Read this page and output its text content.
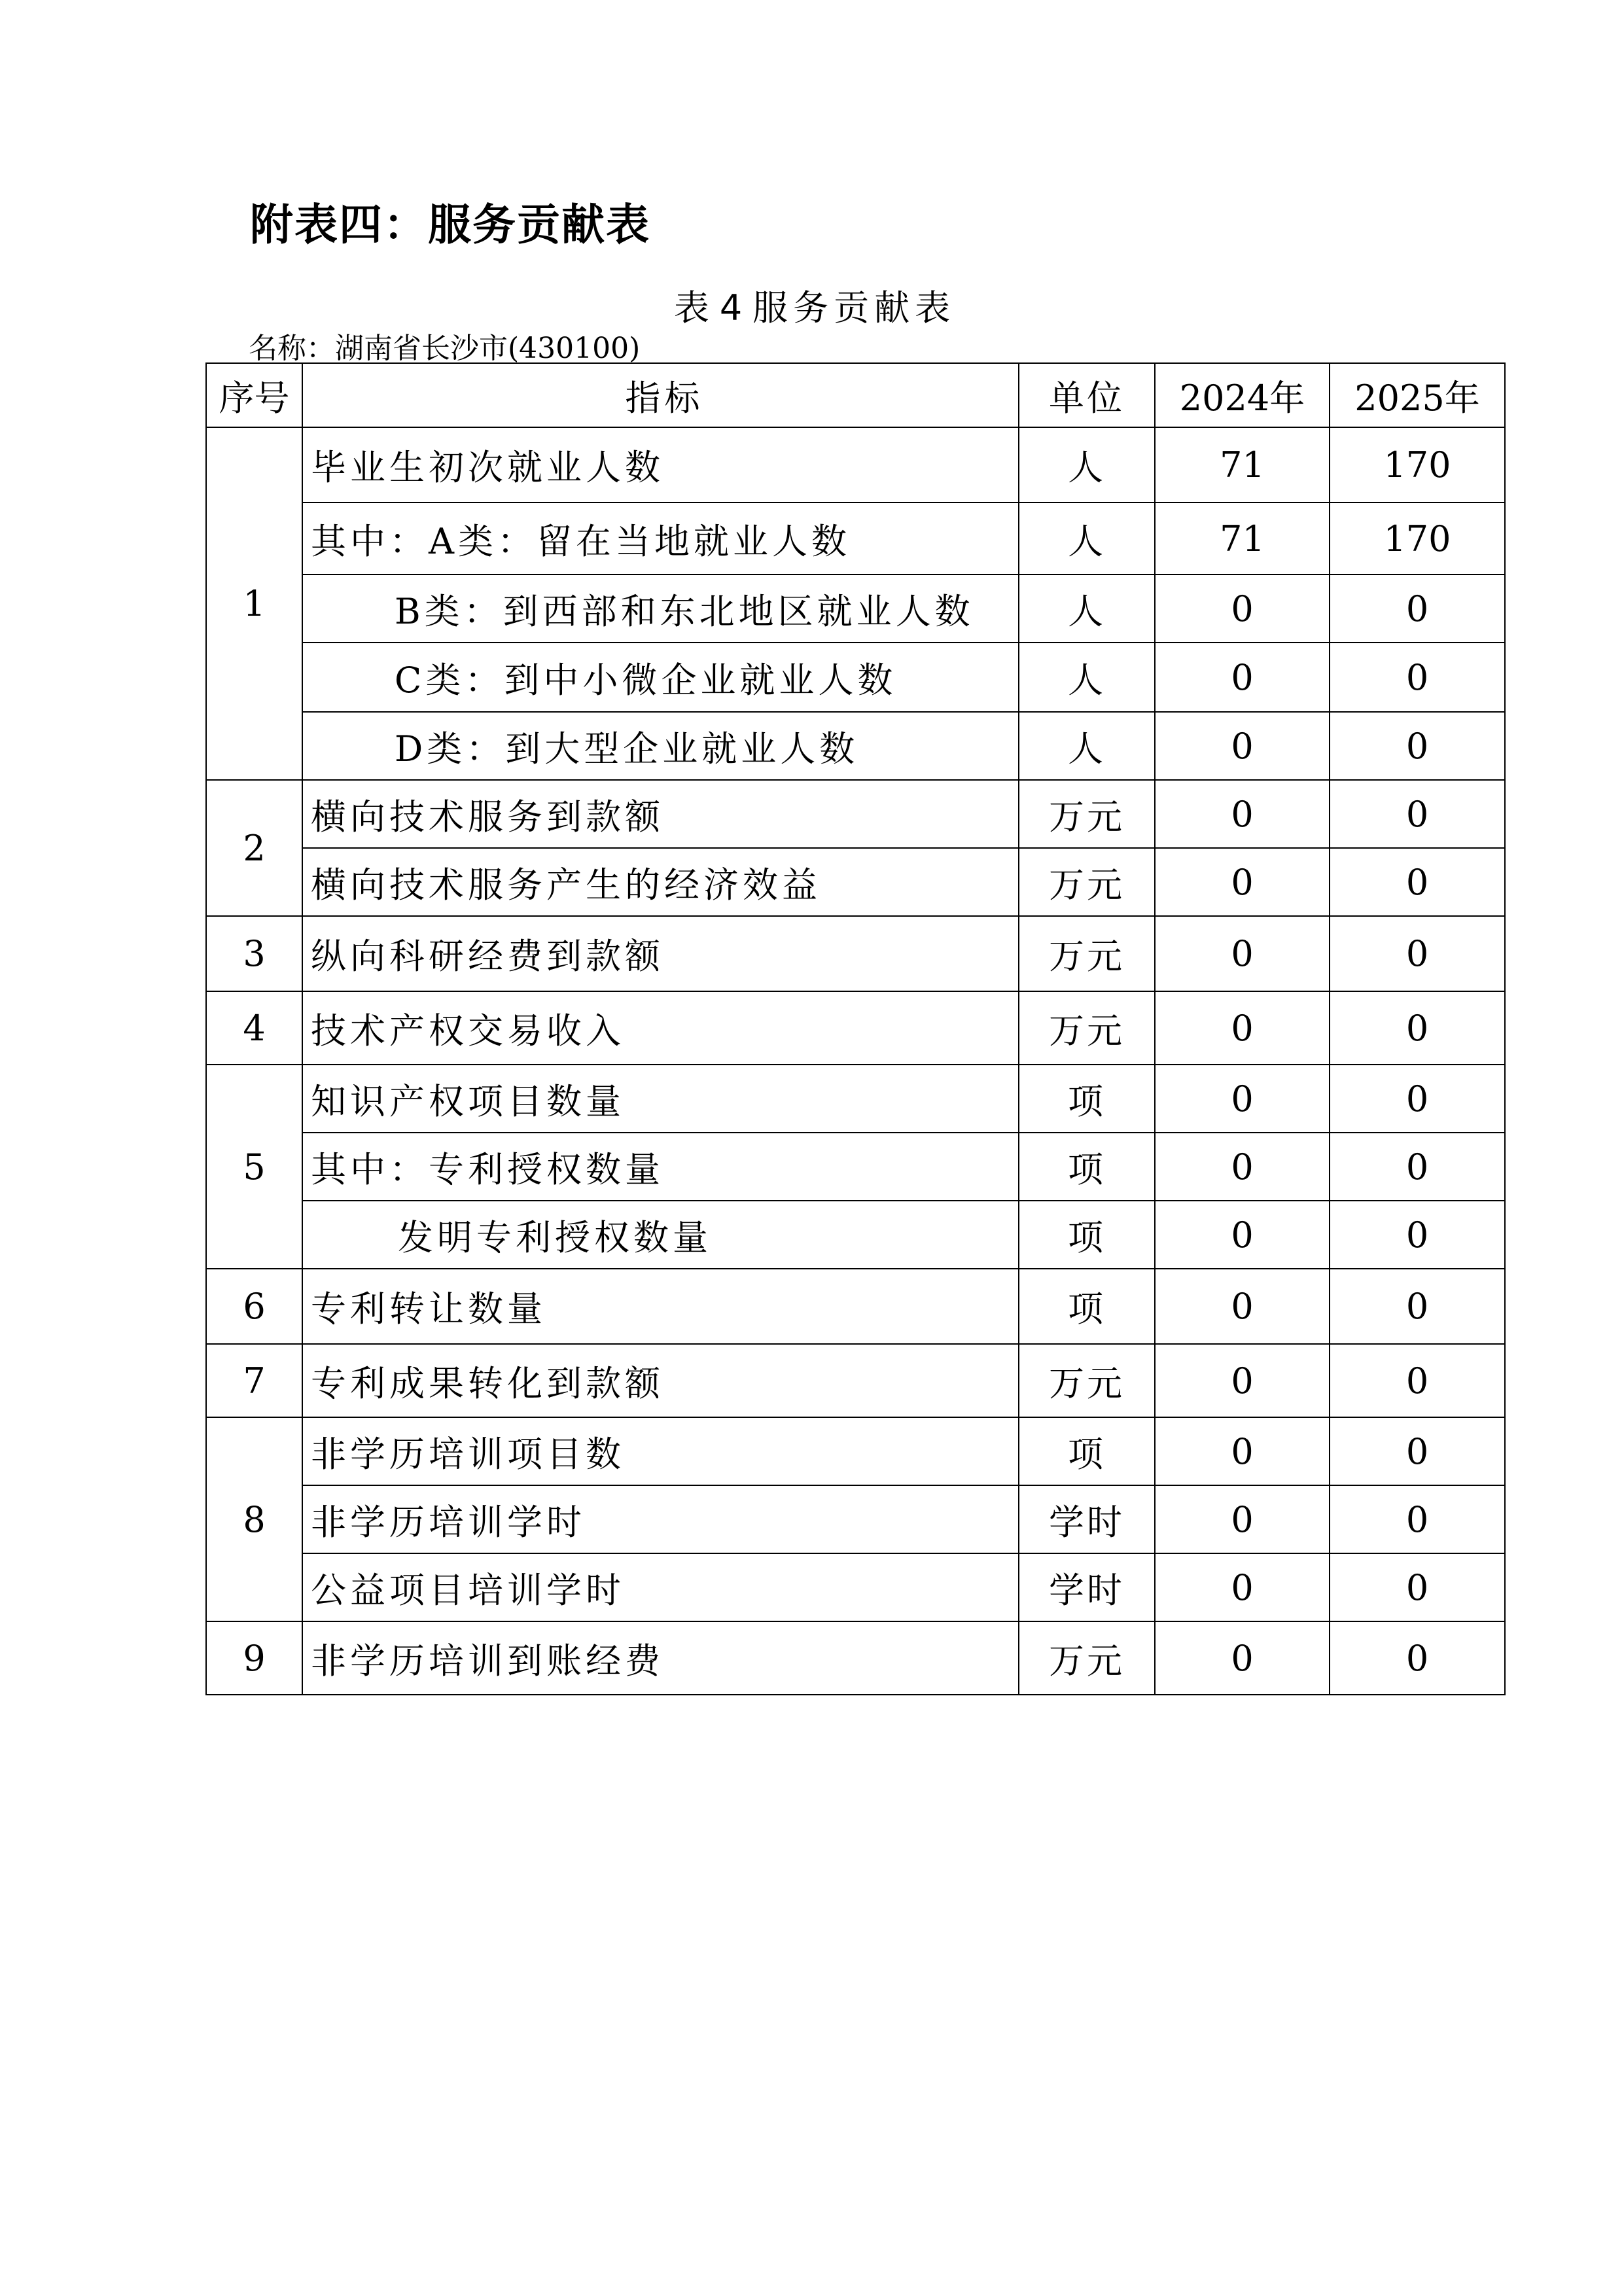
附表四：服务贡献表
表 4 服务贡献表
名称：湖南省长沙市(430100)
序号	指标	单位	2024年	2025年
1	毕业生初次就业人数	人	71	170
	其中：A类：留在当地就业人数	人	71	170
	B类：到西部和东北地区就业人数	人	0	0
	C类：到中小微企业就业人数	人	0	0
	D类：到大型企业就业人数	人	0	0
2	横向技术服务到款额	万元	0	0
	横向技术服务产生的经济效益	万元	0	0
3	纵向科研经费到款额	万元	0	0
4	技术产权交易收入	万元	0	0
5	知识产权项目数量	项	0	0
	其中：专利授权数量	项	0	0
	发明专利授权数量	项	0	0
6	专利转让数量	项	0	0
7	专利成果转化到款额	万元	0	0
8	非学历培训项目数	项	0	0
	非学历培训学时	学时	0	0
	公益项目培训学时	学时	0	0
9	非学历培训到账经费	万元	0	0
